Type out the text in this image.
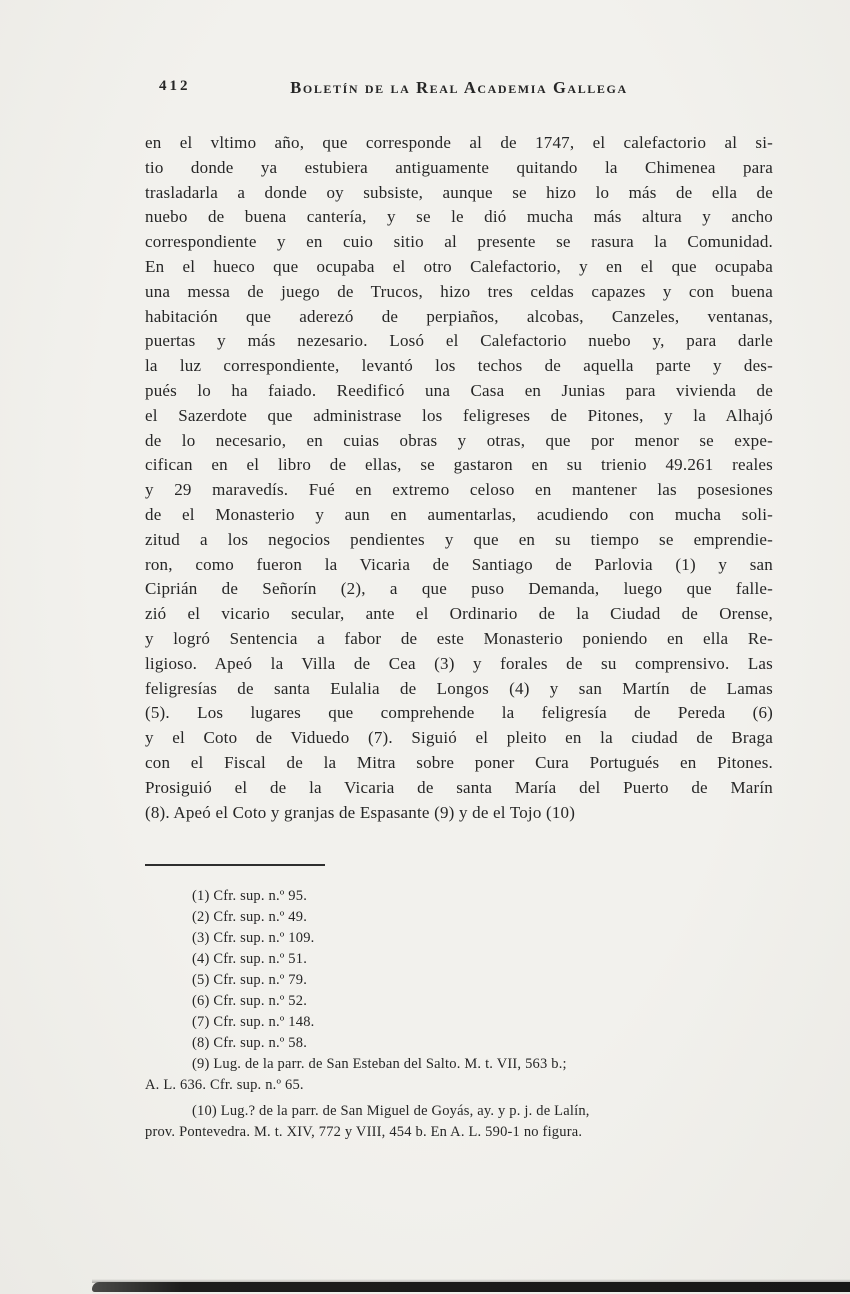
412	Boletín de la Real Academia Gallega
en el vltimo año, que corresponde al de 1747, el calefactorio al si-
tio donde ya estubiera antiguamente quitando la Chimenea para
trasladarla a donde oy subsiste, aunque se hizo lo más de ella de
nuebo de buena cantería, y se le dió mucha más altura y ancho
correspondiente y en cuio sitio al presente se rasura la Comunidad.
En el hueco que ocupaba el otro Calefactorio, y en el que ocupaba
una messa de juego de Trucos, hizo tres celdas capazes y con buena
habitación que aderezó de perpiaños, alcobas, Canzeles, ventanas,
puertas y más nezesario. Losó el Calefactorio nuebo y, para darle
la luz correspondiente, levantó los techos de aquella parte y des-
pués lo ha faiado. Reedificó una Casa en Junias para vivienda de
el Sazerdote que administrase los feligreses de Pitones, y la Alhajó
de lo necesario, en cuias obras y otras, que por menor se expe-
cifican en el libro de ellas, se gastaron en su trienio 49.261 reales
y 29 maravedís. Fué en extremo celoso en mantener las posesiones
de el Monasterio y aun en aumentarlas, acudiendo con mucha soli-
zitud a los negocios pendientes y que en su tiempo se emprendie-
ron, como fueron la Vicaria de Santiago de Parlovia (1) y san
Ciprián de Señorín (2), a que puso Demanda, luego que falle-
zió el vicario secular, ante el Ordinario de la Ciudad de Orense,
y logró Sentencia a fabor de este Monasterio poniendo en ella Re-
ligioso. Apeó la Villa de Cea (3) y forales de su comprensivo. Las
feligresías de santa Eulalia de Longos (4) y san Martín de Lamas
(5). Los lugares que comprehende la feligresía de Pereda (6)
y el Coto de Viduedo (7). Siguió el pleito en la ciudad de Braga
con el Fiscal de la Mitra sobre poner Cura Portugués en Pitones.
Prosiguió el de la Vicaria de santa María del Puerto de Marín
(8). Apeó el Coto y granjas de Espasante (9) y de el Tojo (10)
(1) Cfr. sup. n.º 95.
(2) Cfr. sup. n.º 49.
(3) Cfr. sup. n.º 109.
(4) Cfr. sup. n.º 51.
(5) Cfr. sup. n.º 79.
(6) Cfr. sup. n.º 52.
(7) Cfr. sup. n.º 148.
(8) Cfr. sup. n.º 58.
(9) Lug. de la parr. de San Esteban del Salto. M. t. VII, 563 b.;
A. L. 636. Cfr. sup. n.º 65.
(10) Lug.? de la parr. de San Miguel de Goyás, ay. y p. j. de Lalín,
prov. Pontevedra. M. t. XIV, 772 y VIII, 454 b. En A. L. 590-1 no figura.
